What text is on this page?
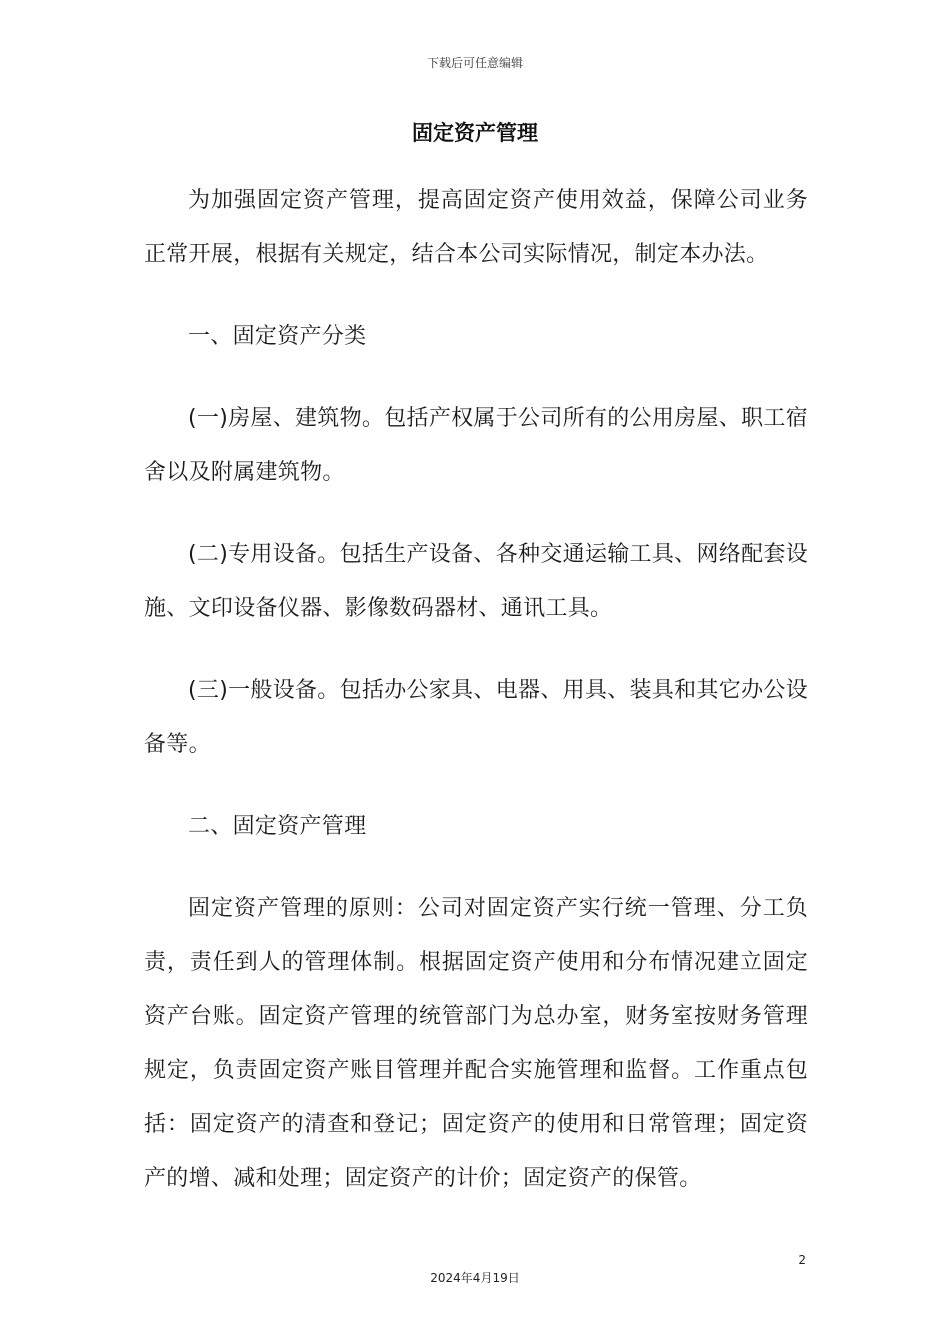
下载后可任意编辑
固定资产管理

为加强固定资产管理，提高固定资产使用效益，保障公司业务正常开展，根据有关规定，结合本公司实际情况，制定本办法。

一、固定资产分类

(一)房屋、建筑物。包括产权属于公司所有的公用房屋、职工宿舍以及附属建筑物。

(二)专用设备。包括生产设备、各种交通运输工具、网络配套设施、文印设备仪器、影像数码器材、通讯工具。

(三)一般设备。包括办公家具、电器、用具、装具和其它办公设备等。

二、固定资产管理

固定资产管理的原则：公司对固定资产实行统一管理、分工负责，责任到人的管理体制。根据固定资产使用和分布情况建立固定资产台账。固定资产管理的统管部门为总办室，财务室按财务管理规定，负责固定资产账目管理并配合实施管理和监督。工作重点包括：固定资产的清查和登记；固定资产的使用和日常管理；固定资产的增、减和处理；固定资产的计价；固定资产的保管。

2
2024年4月19日
